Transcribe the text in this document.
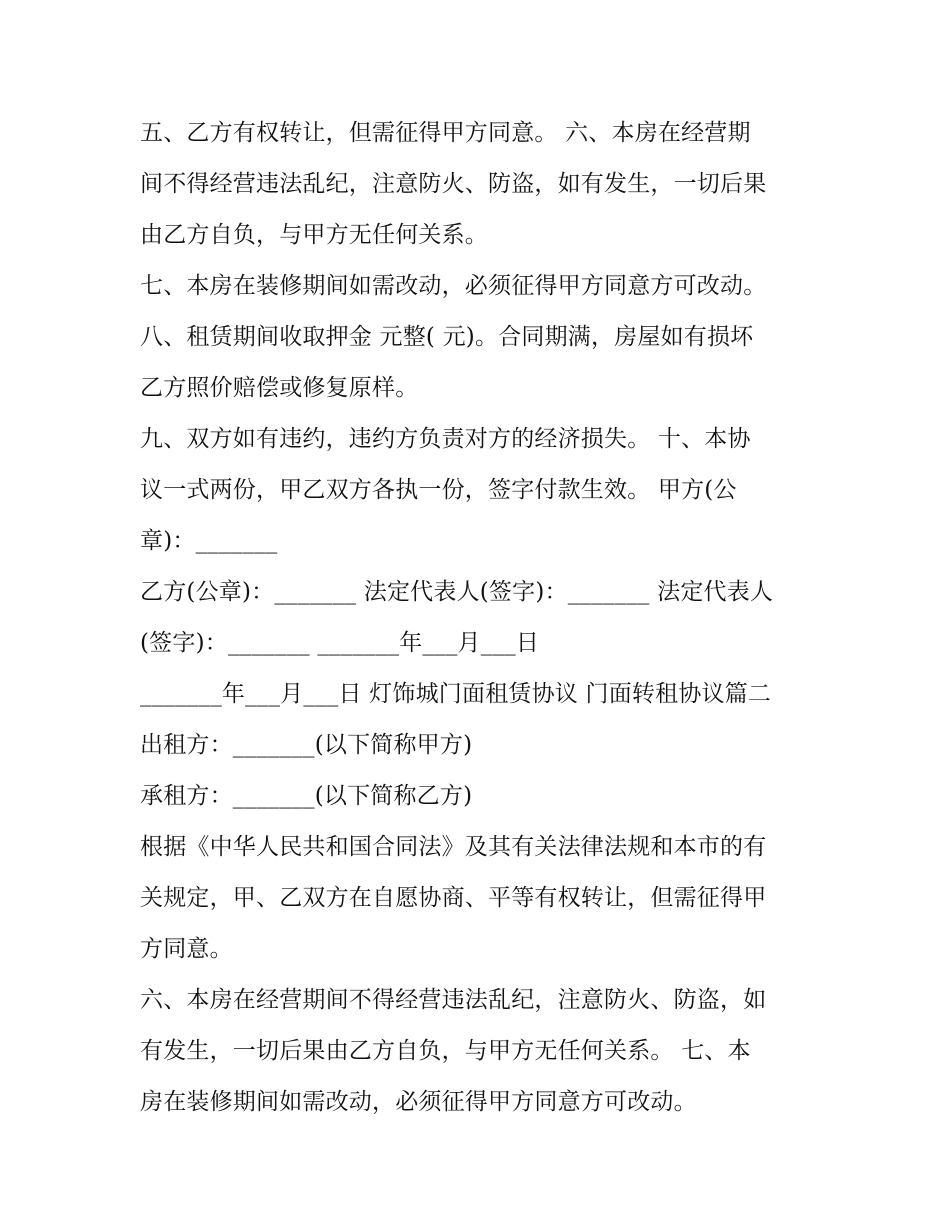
五、乙方有权转让，但需征得甲方同意。 六、本房在经营期
间不得经营违法乱纪，注意防火、防盗，如有发生，一切后果
由乙方自负，与甲方无任何关系。
七、本房在装修期间如需改动，必须征得甲方同意方可改动。
八、租赁期间收取押金 元整( 元)。合同期满，房屋如有损坏
乙方照价赔偿或修复原样。
九、双方如有违约，违约方负责对方的经济损失。 十、本协
议一式两份，甲乙双方各执一份，签字付款生效。 甲方(公
章)：_______
乙方(公章)：_______ 法定代表人(签字)：_______ 法定代表人
(签字)：_______ _______年___月___日
_______年___月___日 灯饰城门面租赁协议 门面转租协议篇二
出租方：_______(以下简称甲方)
承租方：_______(以下简称乙方)
根据《中华人民共和国合同法》及其有关法律法规和本市的有
关规定，甲、乙双方在自愿协商、平等有权转让，但需征得甲
方同意。
六、本房在经营期间不得经营违法乱纪，注意防火、防盗，如
有发生，一切后果由乙方自负，与甲方无任何关系。 七、本
房在装修期间如需改动，必须征得甲方同意方可改动。
